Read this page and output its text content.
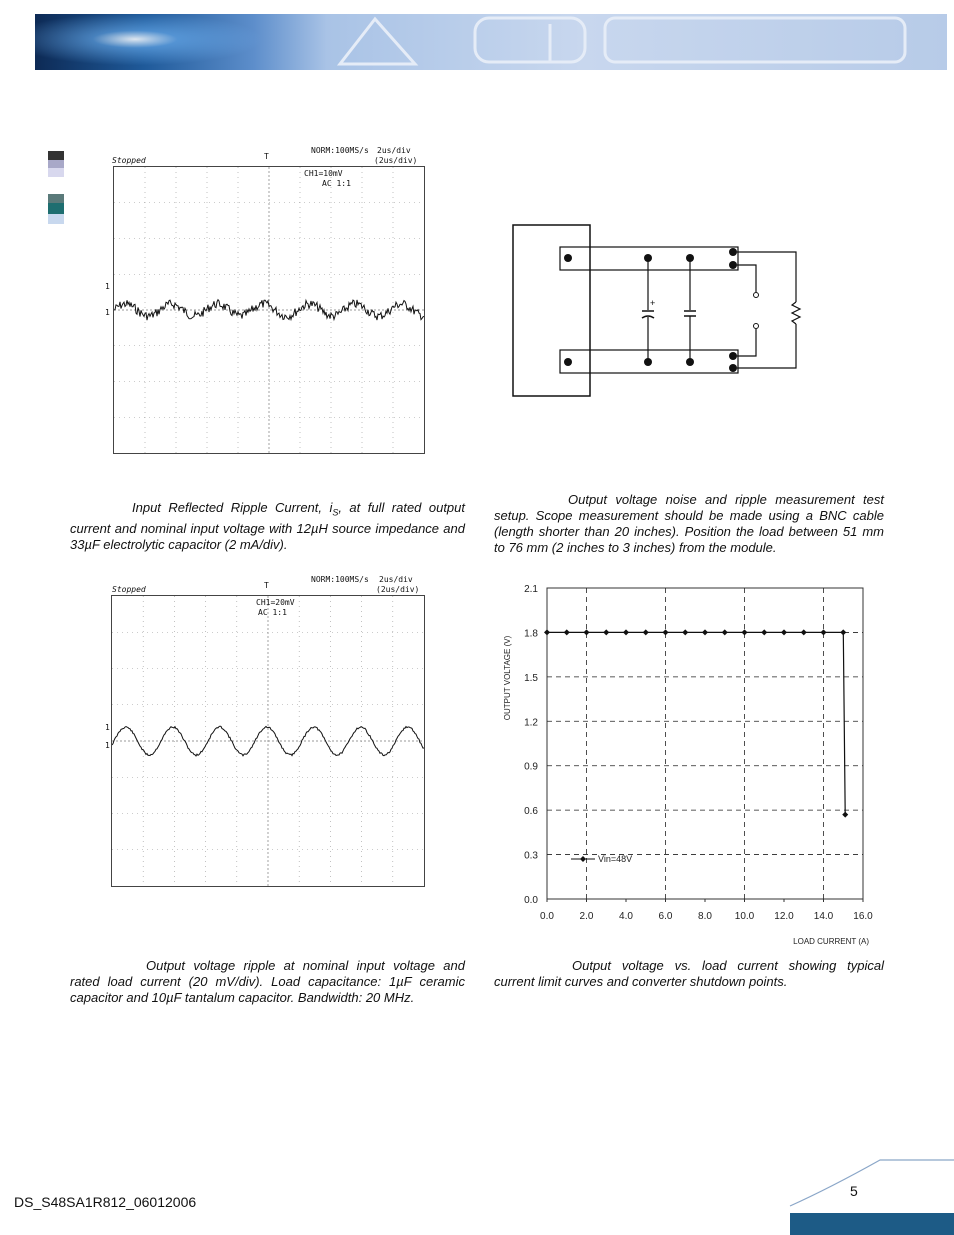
Stopped	T
NORM:100MS/s 2us/div
(2us/div)
CH1=10mV
AC 1:1
1
1
+
Input Reflected Ripple Current, $i_S$, at full rated output current and nominal input voltage with 12µH source impedance and 33µF electrolytic capacitor (2 mA/div).
Output voltage noise and ripple measurement test setup. Scope measurement should be made using a BNC cable (length shorter than 20 inches). Position the load between 51 mm to 76 mm (2 inches to 3 inches) from the module.
Stopped	T
NORM:100MS/s 2us/div
(2us/div)
CH1=20mV
AC 1:1
1
1
0.0	2.0	4.0	6.0	8.0 10.0 12.0 14.0 16.0
0.0
0.3
0.6
0.9
1.2
1.5
1.8
2.1
LOAD CURRENT (A)
OUTPUT VOLTAGE (V)
Vin=48V
Output voltage ripple at nominal input voltage and rated load current (20 mV/div). Load capacitance: 1µF ceramic capacitor and 10µF tantalum capacitor. Bandwidth: 20 MHz.
Output voltage vs. load current showing typical current limit curves and converter shutdown points.
DS_S48SA1R812_06012006
5
